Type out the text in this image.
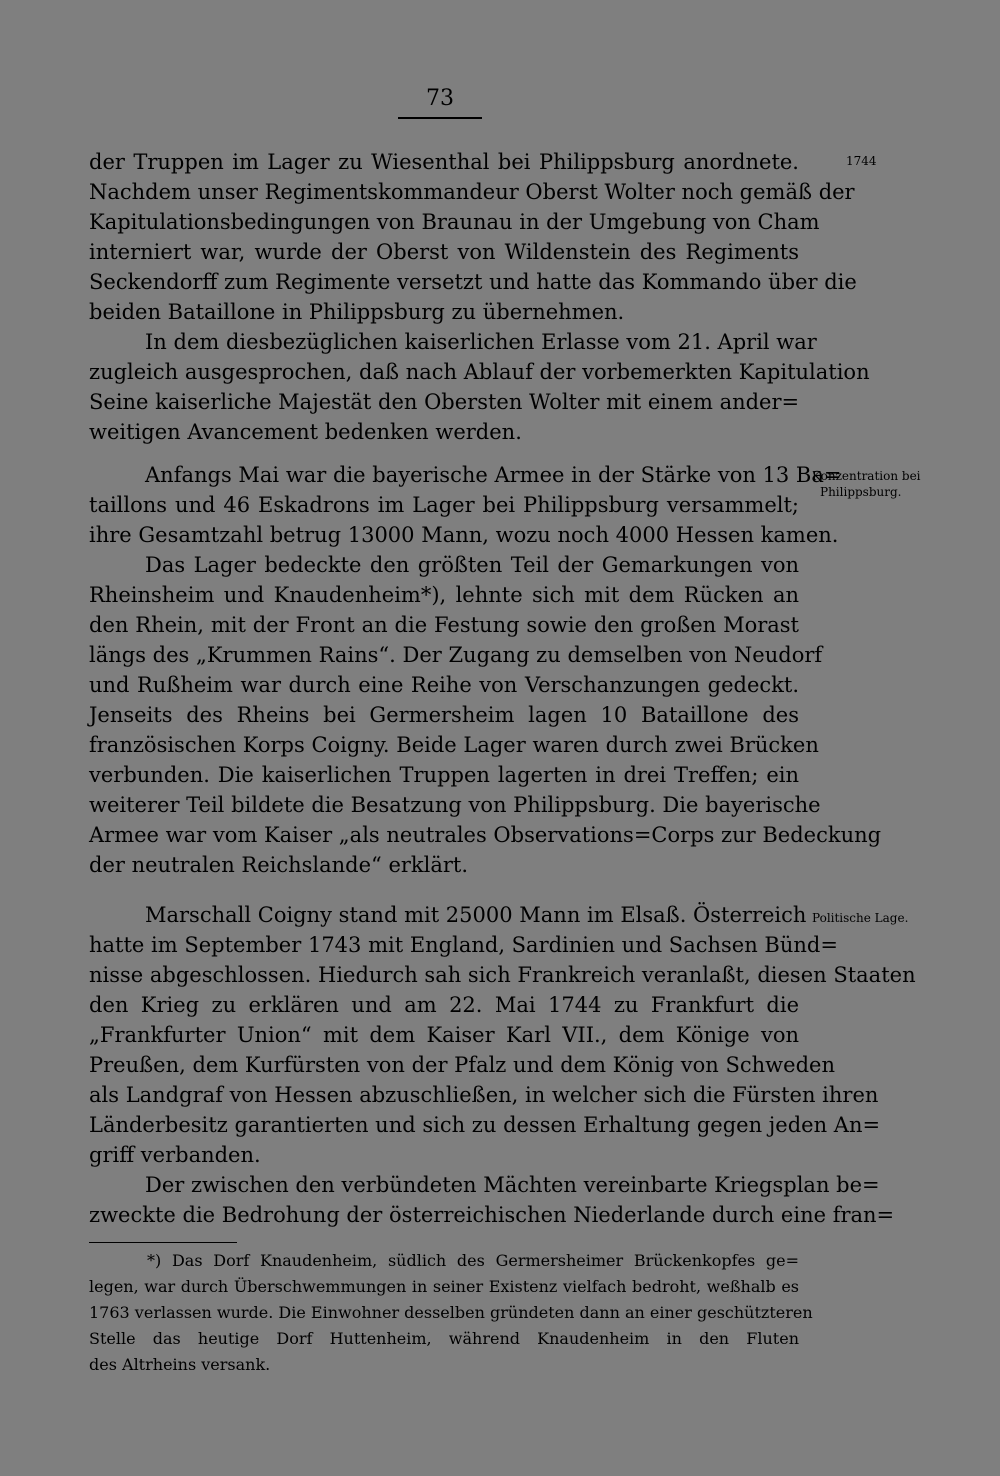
73
1744
Konzentration bei
Philippsburg.
Politische Lage.
der Truppen im Lager zu Wiesenthal bei Philippsburg anordnete.
Nachdem unser Regimentskommandeur Oberst Wolter noch gemäß der
Kapitulationsbedingungen von Braunau in der Umgebung von Cham
interniert war, wurde der Oberst von Wildenstein des Regiments
Seckendorff zum Regimente versetzt und hatte das Kommando über die
beiden Bataillone in Philippsburg zu übernehmen.
In dem diesbezüglichen kaiserlichen Erlasse vom 21. April war
zugleich ausgesprochen, daß nach Ablauf der vorbemerkten Kapitulation
Seine kaiserliche Majestät den Obersten Wolter mit einem ander=
weitigen Avancement bedenken werden.
Anfangs Mai war die bayerische Armee in der Stärke von 13 Ba=
taillons und 46 Eskadrons im Lager bei Philippsburg versammelt;
ihre Gesamtzahl betrug 13000 Mann, wozu noch 4000 Hessen kamen.
Das Lager bedeckte den größten Teil der Gemarkungen von
Rheinsheim und Knaudenheim*), lehnte sich mit dem Rücken an
den Rhein, mit der Front an die Festung sowie den großen Morast
längs des „Krummen Rains“. Der Zugang zu demselben von Neudorf
und Rußheim war durch eine Reihe von Verschanzungen gedeckt.
Jenseits des Rheins bei Germersheim lagen 10 Bataillone des
französischen Korps Coigny. Beide Lager waren durch zwei Brücken
verbunden. Die kaiserlichen Truppen lagerten in drei Treffen; ein
weiterer Teil bildete die Besatzung von Philippsburg. Die bayerische
Armee war vom Kaiser „als neutrales Observations=Corps zur Bedeckung
der neutralen Reichslande“ erklärt.
Marschall Coigny stand mit 25000 Mann im Elsaß. Österreich
hatte im September 1743 mit England, Sardinien und Sachsen Bünd=
nisse abgeschlossen. Hiedurch sah sich Frankreich veranlaßt, diesen Staaten
den Krieg zu erklären und am 22. Mai 1744 zu Frankfurt die
„Frankfurter Union“ mit dem Kaiser Karl VII., dem Könige von
Preußen, dem Kurfürsten von der Pfalz und dem König von Schweden
als Landgraf von Hessen abzuschließen, in welcher sich die Fürsten ihren
Länderbesitz garantierten und sich zu dessen Erhaltung gegen jeden An=
griff verbanden.
Der zwischen den verbündeten Mächten vereinbarte Kriegsplan be=
zweckte die Bedrohung der österreichischen Niederlande durch eine fran=
*) Das Dorf Knaudenheim, südlich des Germersheimer Brückenkopfes ge=
legen, war durch Überschwemmungen in seiner Existenz vielfach bedroht, weßhalb es
1763 verlassen wurde. Die Einwohner desselben gründeten dann an einer geschützteren
Stelle das heutige Dorf Huttenheim, während Knaudenheim in den Fluten
des Altrheins versank.
